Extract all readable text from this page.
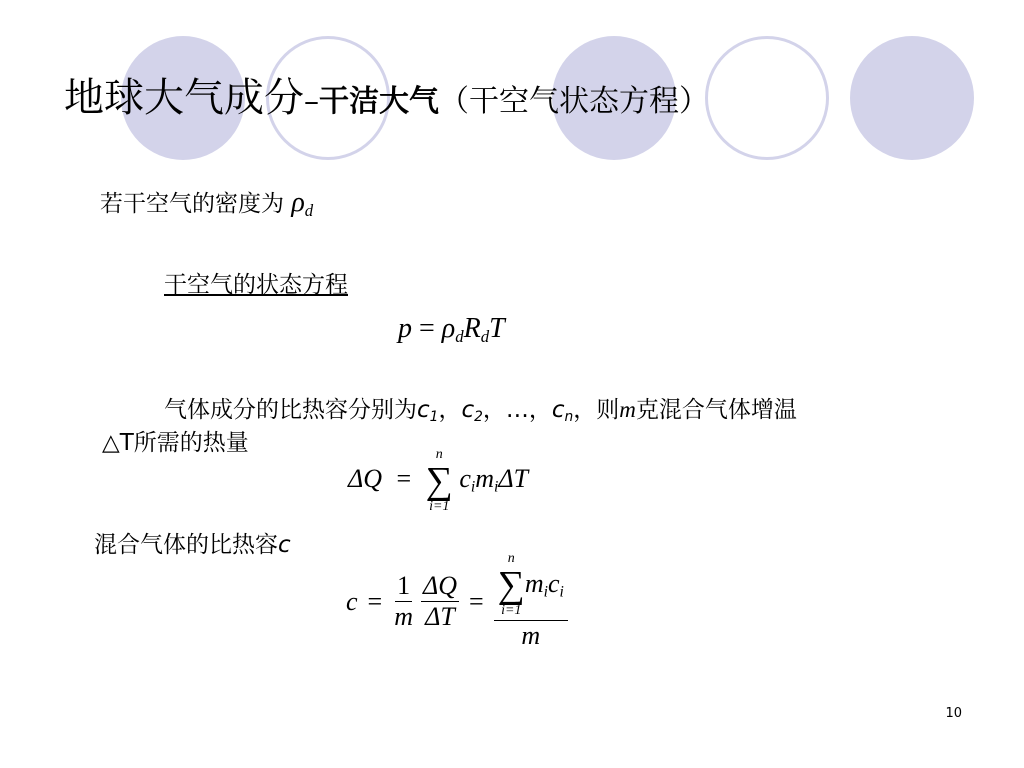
地球大气成分–干洁大气（干空气状态方程）
若干空气的密度为 $\rho_d$
干空气的状态方程
$p = \rho_dR_dT$
气体成分的比热容分别为$c_1$，$c_2$，…，$c_n$，则m克混合气体增温
△T所需的热量
ΔQ =
n
∑
i=1
$c_im_i\Delta T$
混合气体的比热容c
$c = \frac{1}{m} \frac{\Delta Q}{\Delta T} = n$
∑
i=1
$m_ic_i$
m
10
